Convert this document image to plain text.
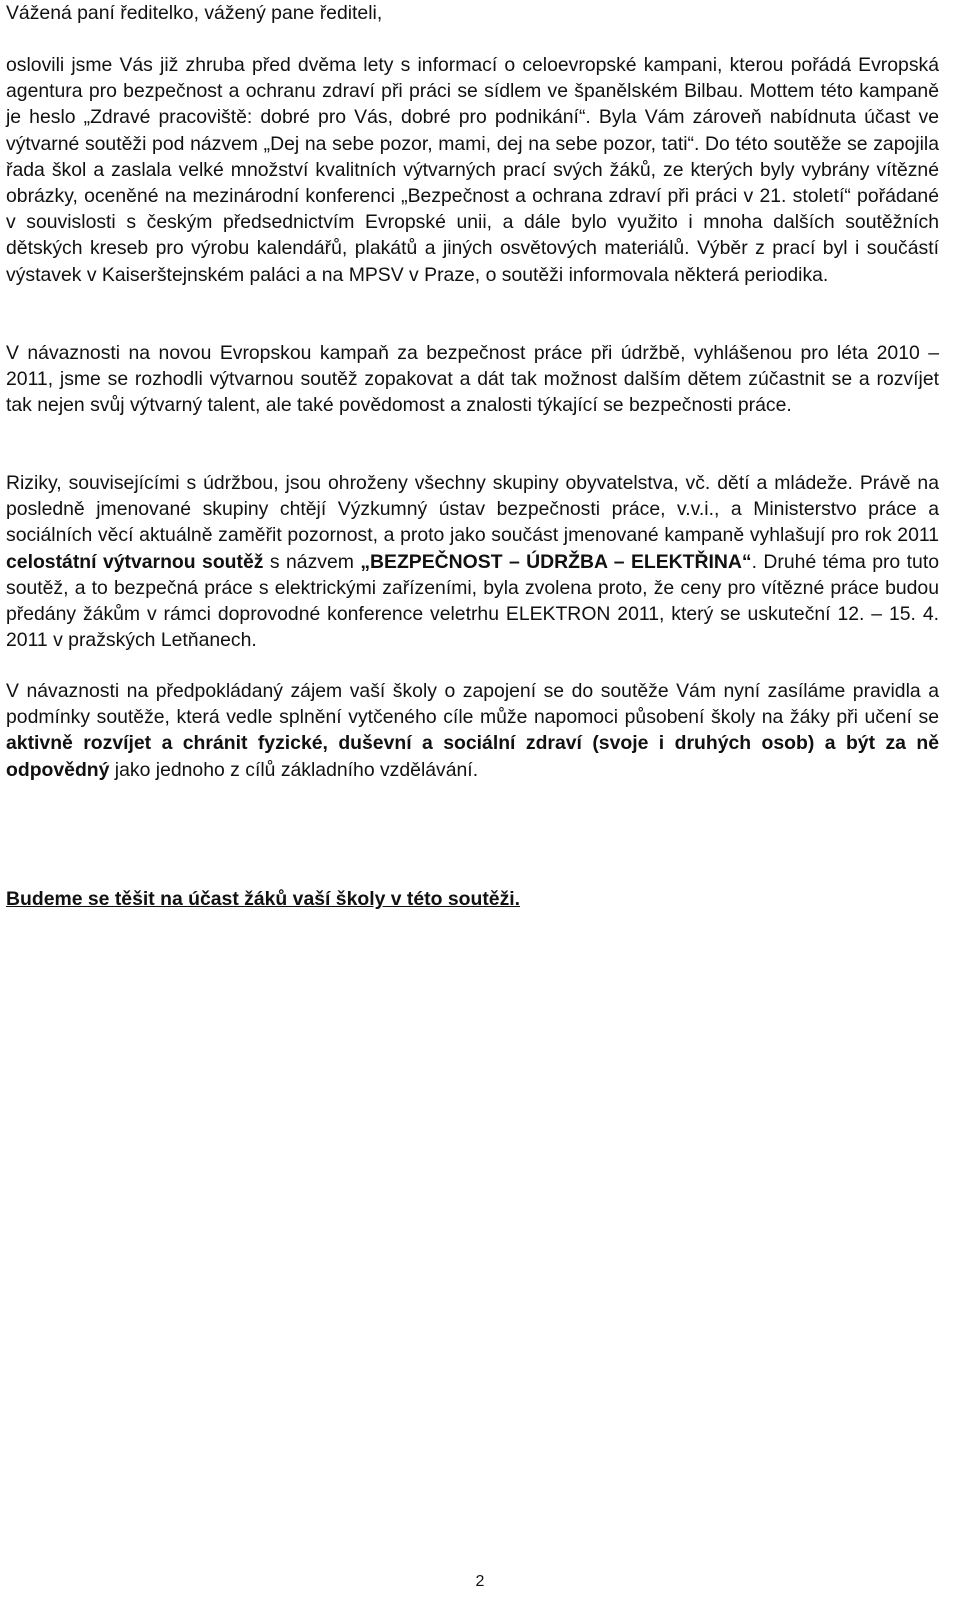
Vážená paní ředitelko, vážený pane řediteli,
oslovili jsme Vás již zhruba před dvěma lety s informací o celoevropské kampani, kterou pořádá Evropská agentura pro bezpečnost a ochranu zdraví při práci se sídlem ve španělském Bilbau. Mottem této kampaně je heslo „Zdravé pracoviště: dobré pro Vás, dobré pro podnikání“. Byla Vám zároveň nabídnuta účast ve výtvarné soutěži pod názvem „Dej na sebe pozor, mami, dej na sebe pozor, tati“. Do této soutěže se zapojila řada škol a zaslala velké množství kvalitních výtvarných prací svých žáků, ze kterých byly vybrány vítězné obrázky, oceněné na mezinárodní konferenci „Bezpečnost a ochrana zdraví při práci v 21. století“ pořádané v souvislosti s českým předsednictvím Evropské unii, a dále bylo využito i mnoha dalších soutěžních dětských kreseb pro výrobu kalendářů, plakátů a jiných osvětových materiálů. Výběr z prací byl i součástí výstavek v Kaiserštejnském paláci a na MPSV v Praze, o soutěži informovala některá periodika.
V návaznosti na novou Evropskou kampaň za bezpečnost práce při údržbě, vyhlášenou pro léta 2010 – 2011, jsme se rozhodli výtvarnou soutěž zopakovat a dát tak možnost dalším dětem zúčastnit se a rozvíjet tak nejen svůj výtvarný talent, ale také povědomost a znalosti týkající se bezpečnosti práce.
Riziky, souvisejícími s údržbou, jsou ohroženy všechny skupiny obyvatelstva, vč. dětí a mládeže. Právě na posledně jmenované skupiny chtějí Výzkumný ústav bezpečnosti práce, v.v.i., a Ministerstvo práce a sociálních věcí aktuálně zaměřit pozornost, a proto jako součást jmenované kampaně vyhlašují pro rok 2011 celostátní výtvarnou soutěž s názvem „BEZPEČNOST – ÚDRŽBA – ELEKTŘINA“. Druhé téma pro tuto soutěž, a to bezpečná práce s elektrickými zařízeními, byla zvolena proto, že ceny pro vítězné práce budou předány žákům v rámci doprovodné konference veletrhu ELEKTRON 2011, který se uskuteční 12. – 15. 4. 2011 v pražských Letňanech.
V návaznosti na předpokládaný zájem vaší školy o zapojení se do soutěže Vám nyní zasíláme pravidla a podmínky soutěže, která vedle splnění vytčeného cíle může napomoci působení školy na žáky při učení se aktivně rozvíjet a chránit fyzické, duševní a sociální zdraví (svoje i druhých osob) a být za ně odpovědný jako jednoho z cílů základního vzdělávání.
Budeme se těšit na účast žáků vaší školy v této soutěži.
2
